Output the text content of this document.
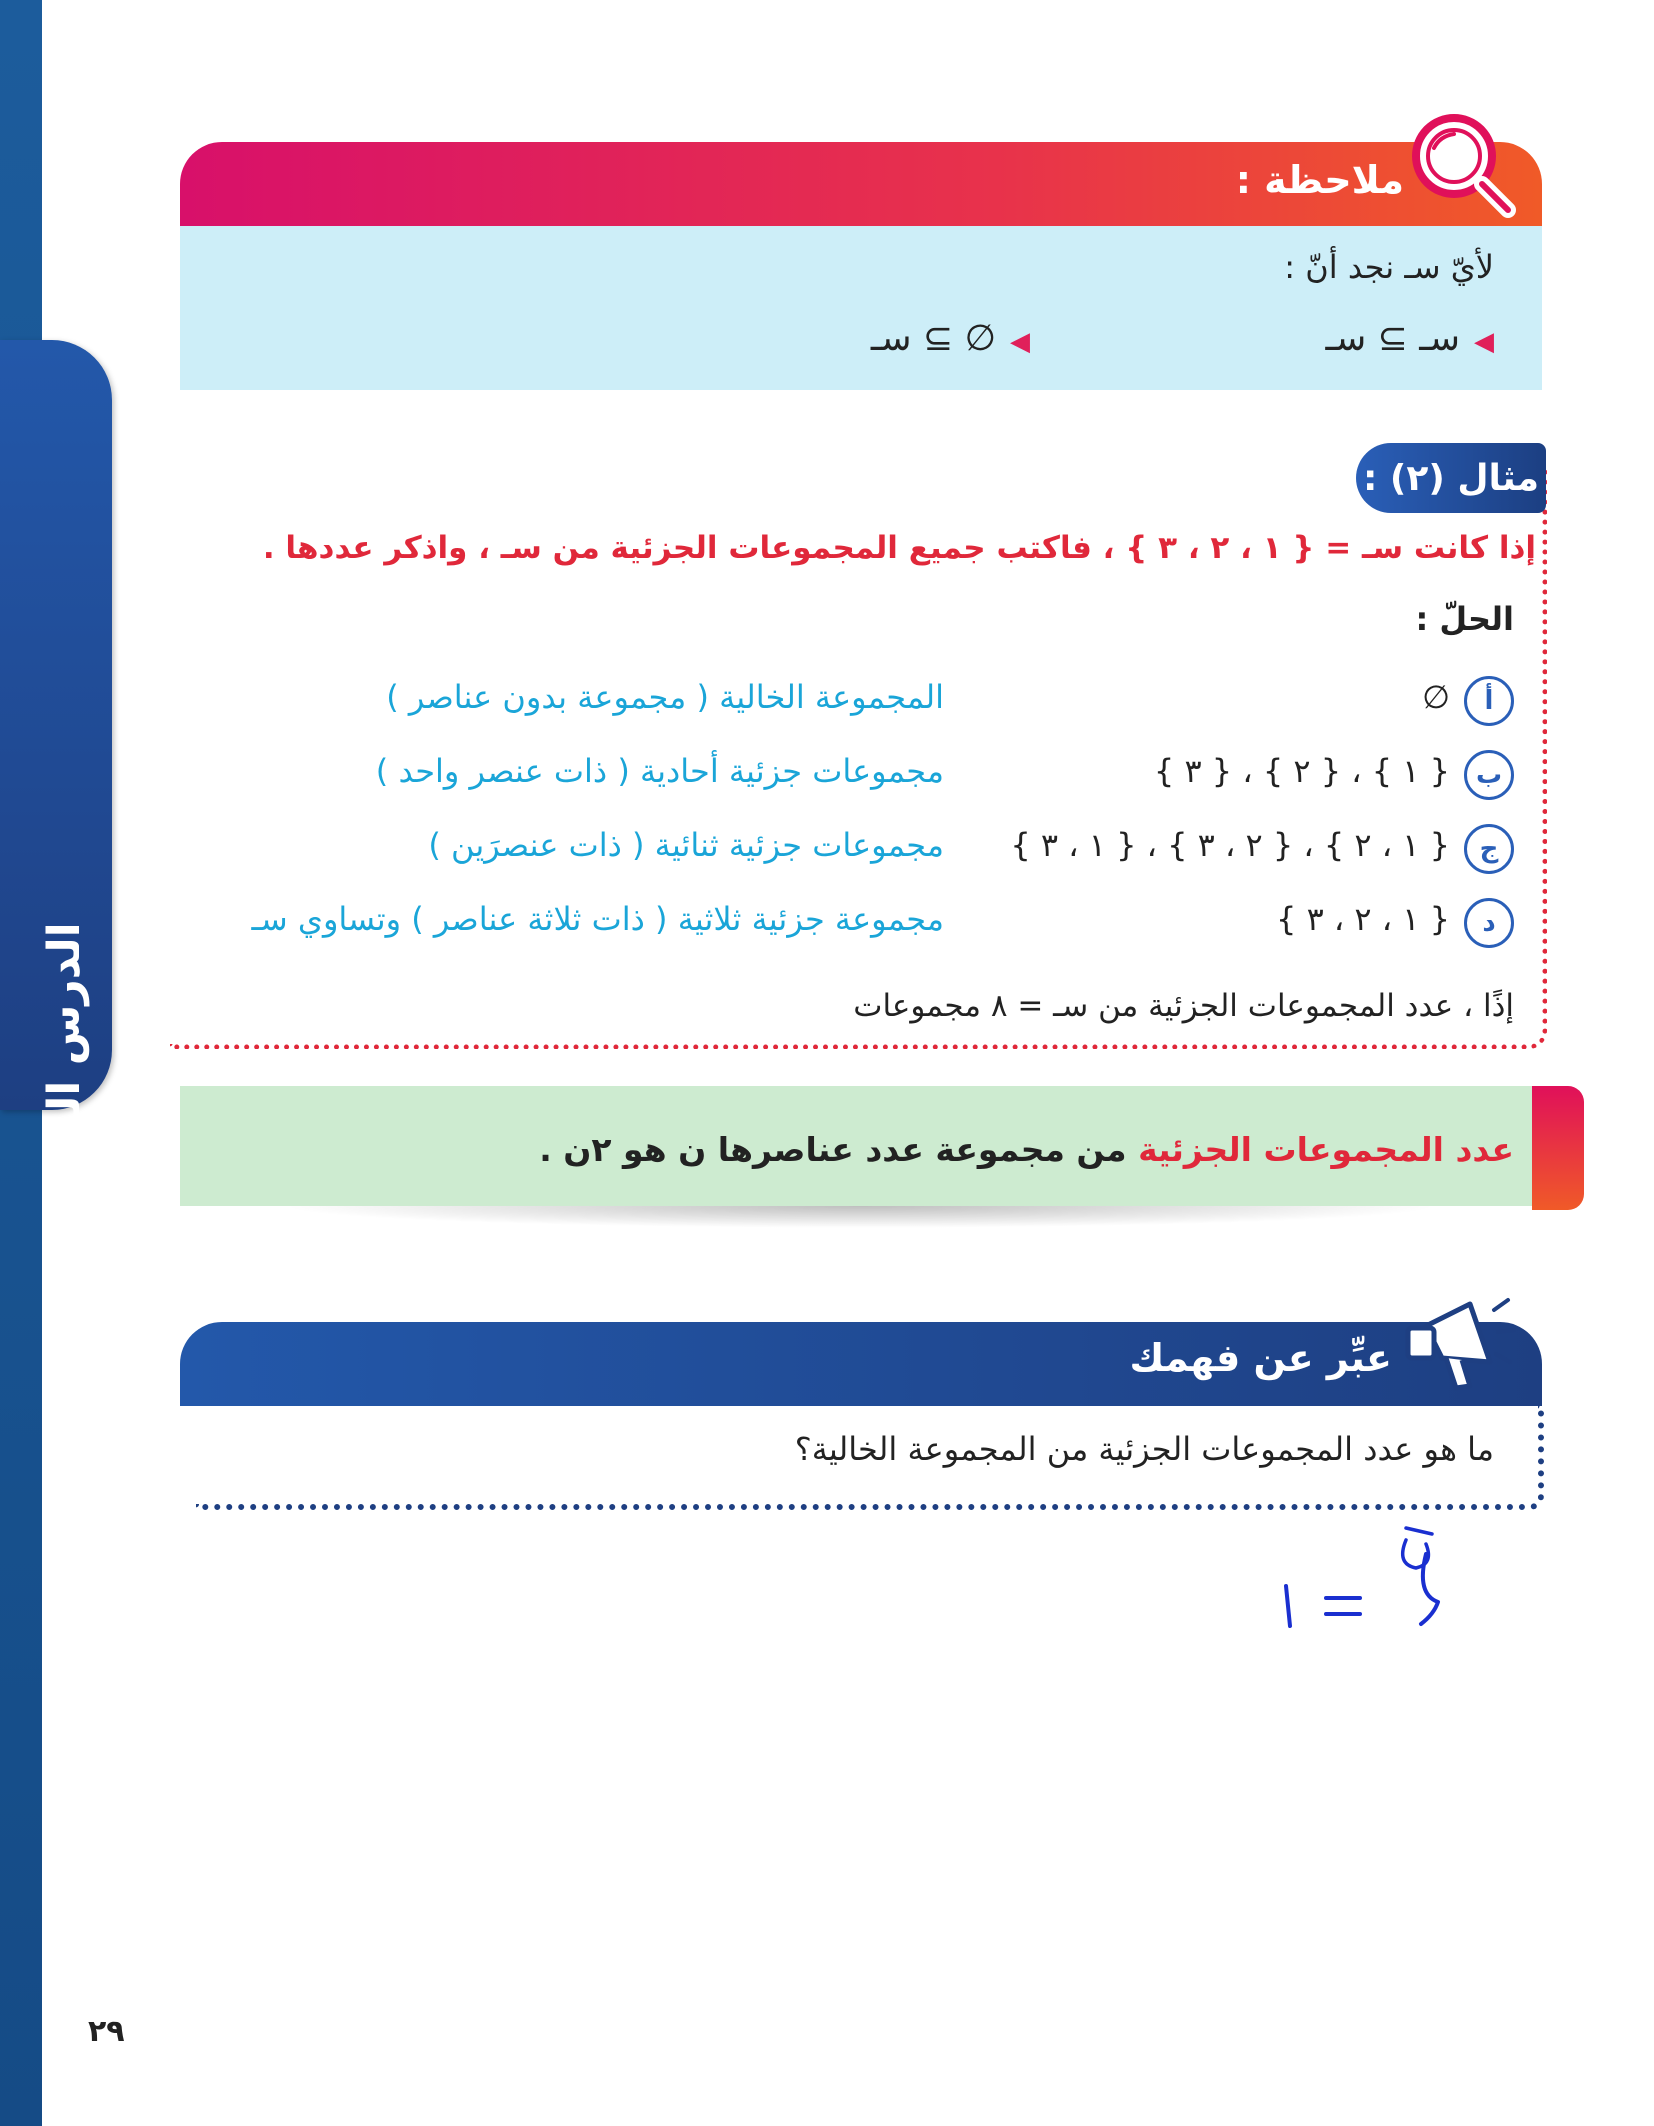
الدرس الثاني
٢٩
ملاحظة :
لأيّ سـ نجد أنّ :
◀سـ ⊇ سـ
◀∅ ⊇ سـ
مثال (٢) :
إذا كانت سـ = { ١ ، ٢ ، ٣ } ، فاكتب جميع المجموعات الجزئية من سـ ، واذكر عددها .
الحلّ :
أ
∅
المجموعة الخالية ( مجموعة بدون عناصر )
ب
{ ١ } ، { ٢ } ، { ٣ }
مجموعات جزئية أحادية ( ذات عنصر واحد )
ج
{ ١ ، ٢ } ، { ٢ ، ٣ } ، { ١ ، ٣ }
مجموعات جزئية ثنائية ( ذات عنصرَين )
د
{ ١ ، ٢ ، ٣ }
مجموعة جزئية ثلاثية ( ذات ثلاثة عناصر ) وتساوي سـ
إذًا ، عدد المجموعات الجزئية من سـ = ٨ مجموعات
عدد المجموعات الجزئية من مجموعة عدد عناصرها ن هو ٢ن .
عبِّر عن فهمك
ما هو عدد المجموعات الجزئية من المجموعة الخالية؟
